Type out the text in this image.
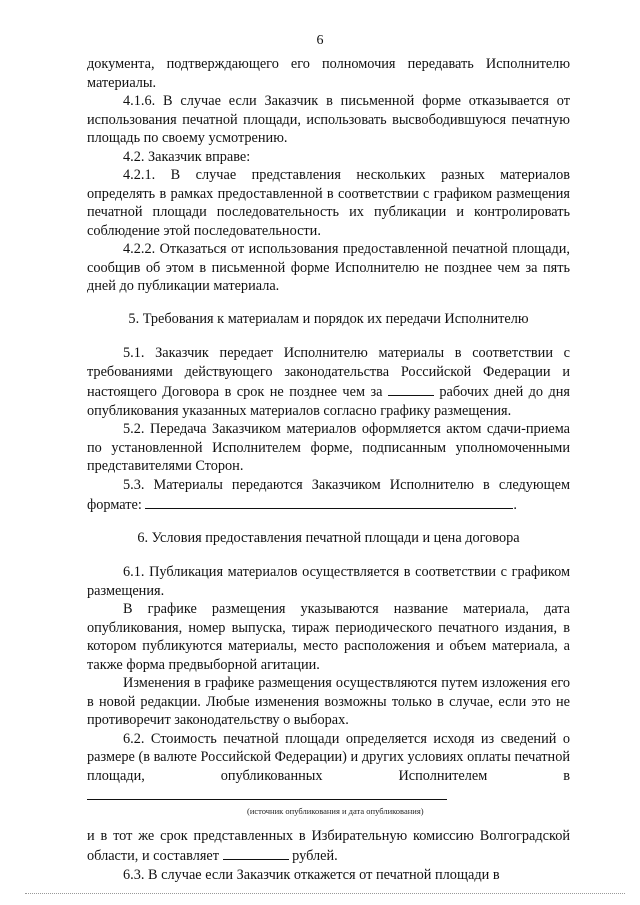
6

документа, подтверждающего его полномочия передавать Исполнителю материалы.

4.1.6. В случае если Заказчик в письменной форме отказывается от использования печатной площади, использовать высвободившуюся печатную площадь по своему усмотрению.

4.2. Заказчик вправе:

4.2.1. В случае представления нескольких разных материалов определять в рамках предоставленной в соответствии с графиком размещения печатной площади последовательность их публикации и контролировать соблюдение этой последовательности.

4.2.2. Отказаться от использования предоставленной печатной площади, сообщив об этом в письменной форме Исполнителю не позднее чем за пять дней до публикации материала.

5. Требования к материалам и порядок их передачи Исполнителю

5.1. Заказчик передает Исполнителю материалы в соответствии с требованиями действующего законодательства Российской Федерации и настоящего Договора в срок не позднее чем за	рабочих дней до дня опубликования указанных материалов согласно графику размещения.

5.2. Передача Заказчиком материалов оформляется актом сдачи-приема по установленной Исполнителем форме, подписанным уполномоченными представителями Сторон.

5.3. Материалы передаются Заказчиком Исполнителю в следующем формате:	.

6. Условия предоставления печатной площади и цена договора

6.1. Публикация материалов осуществляется в соответствии с графиком размещения.

В графике размещения указываются название материала, дата опубликования, номер выпуска, тираж периодического печатного издания, в котором публикуются материалы, место расположения и объем материала, а также форма предвыборной агитации.

Изменения в графике размещения осуществляются путем изложения его в новой редакции. Любые изменения возможны только в случае, если это не противоречит законодательству о выборах.

6.2. Стоимость печатной площади определяется исходя из сведений о размере (в валюте Российской Федерации) и других условиях оплаты печатной площади, опубликованных Исполнителем в

(источник опубликования и дата опубликования)

и в тот же срок представленных в Избирательную комиссию Волгоградской области, и составляет	рублей.

6.3. В случае если Заказчик откажется от печатной площади в
